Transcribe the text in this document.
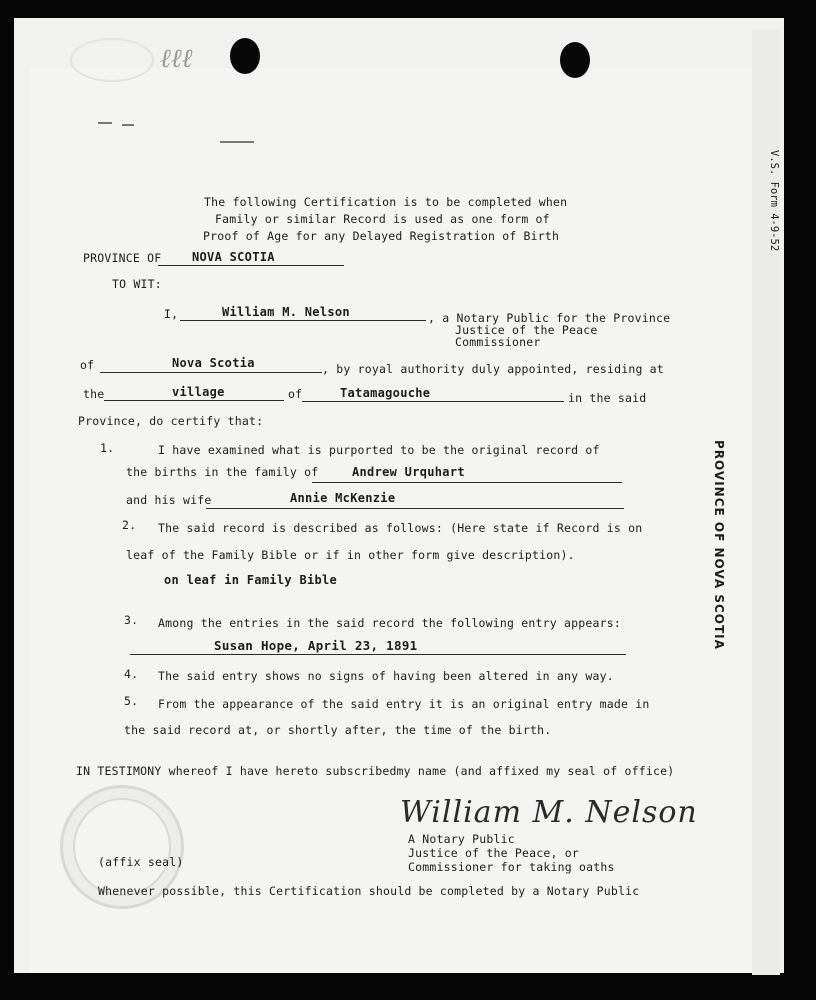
ℓℓℓ
V.S. Form 4-9-52
PROVINCE OF NOVA SCOTIA
The following Certification is to be completed when
Family or similar Record is used as one form of
Proof of Age for any Delayed Registration of Birth
PROVINCE OF	NOVA SCOTIA
TO WIT:
I,	William M. Nelson	, a Notary Public for the Province
Justice of the Peace
Commissioner
of	Nova Scotia	, by royal authority duly appointed, residing at
the	village	of	Tatamagouche	in the said
Province, do certify that:
1.	I have examined what is purported to be the original record of
the births in the family of	Andrew Urquhart
and his wife	Annie McKenzie
2. The said record is described as follows: (Here state if Record is on
leaf of the Family Bible or if in other form give description).
on leaf in Family Bible
3. Among the entries in the said record the following entry appears:
Susan Hope, April 23, 1891
4. The said entry shows no signs of having been altered in any way.
5. From the appearance of the said entry it is an original entry made in
the said record at, or shortly after, the time of the birth.
IN TESTIMONY whereof I have hereto subscribedmy name (and affixed my seal of office)
William M. Nelson
A Notary Public
Justice of the Peace, or
Commissioner for taking oaths
(affix seal)
Whenever possible, this Certification should be completed by a Notary Public
